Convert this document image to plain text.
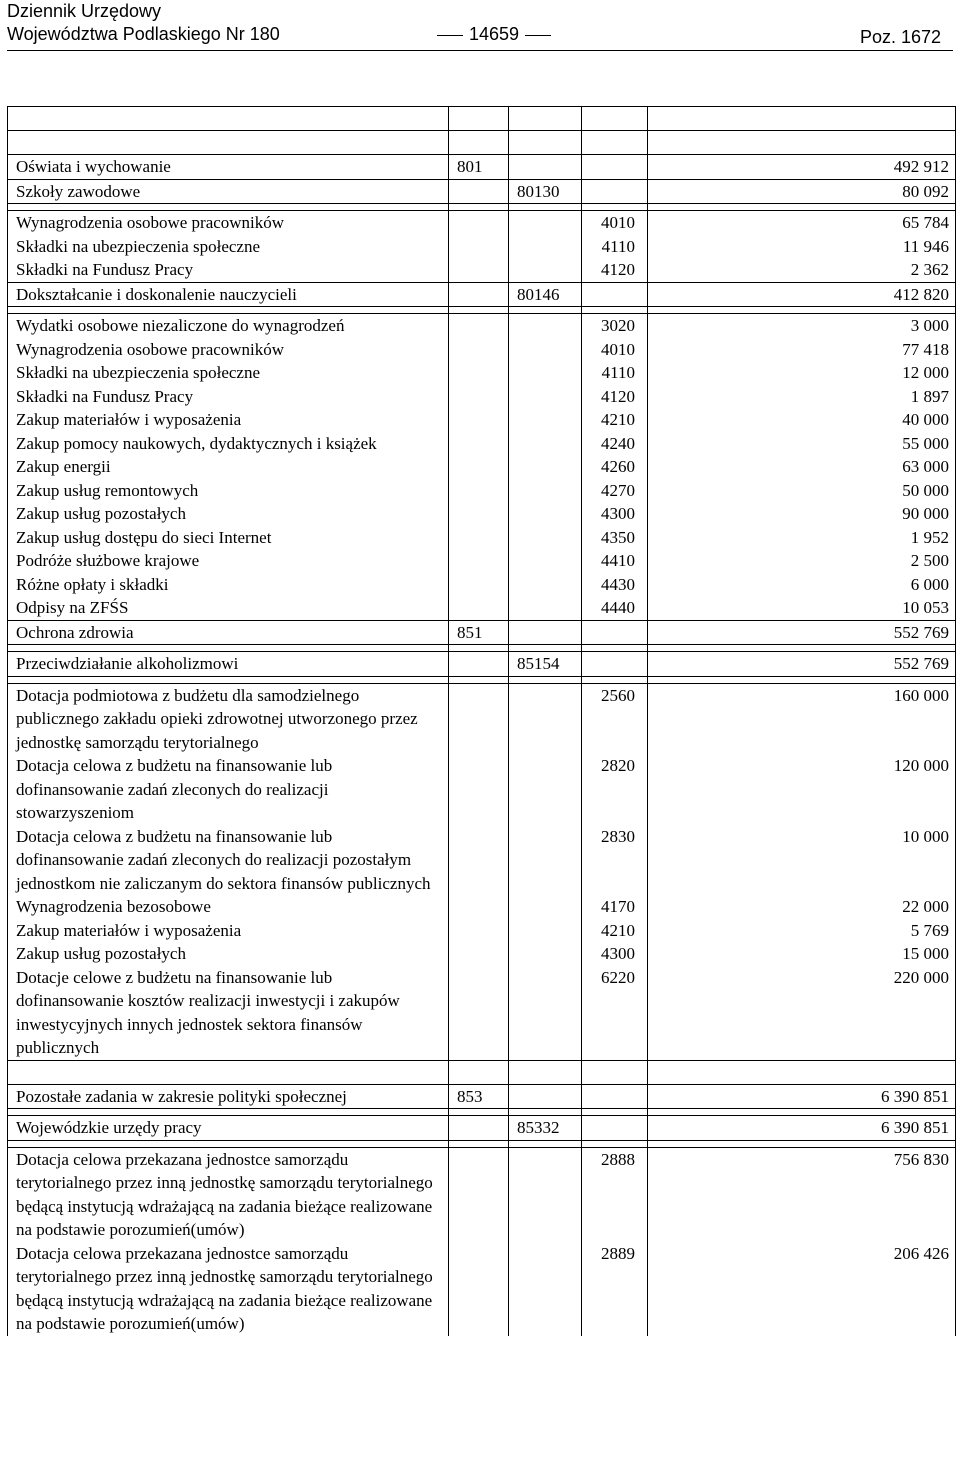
Dziennik Urzędowy
Województwa Podlaskiego Nr 180	14659	Poz. 1672

Oświata i wychowanie	801			492 912
Szkoły zawodowe		80130		80 092

Wynagrodzenia osobowe pracowników			4010	65 784
Składki na ubezpieczenia społeczne			4110	11 946
Składki na Fundusz Pracy			4120	2 362
Dokształcanie i doskonalenie nauczycieli		80146		412 820

Wydatki osobowe niezaliczone do wynagrodzeń			3020	3 000
Wynagrodzenia osobowe pracowników			4010	77 418
Składki na ubezpieczenia społeczne			4110	12 000
Składki na Fundusz Pracy			4120	1 897
Zakup materiałów i wyposażenia			4210	40 000
Zakup pomocy naukowych, dydaktycznych i książek			4240	55 000
Zakup energii			4260	63 000
Zakup usług remontowych			4270	50 000
Zakup usług pozostałych			4300	90 000
Zakup usług dostępu do sieci Internet			4350	1 952
Podróże służbowe krajowe			4410	2 500
Różne opłaty i składki			4430	6 000
Odpisy na ZFŚS			4440	10 053
Ochrona zdrowia	851			552 769

Przeciwdziałanie alkoholizmowi		85154		552 769

Dotacja podmiotowa z budżetu dla samodzielnego publicznego zakładu opieki zdrowotnej utworzonego przez jednostkę samorządu terytorialnego			2560	160 000
Dotacja celowa z budżetu na finansowanie lub dofinansowanie zadań zleconych do realizacji stowarzyszeniom			2820	120 000
Dotacja celowa z budżetu na finansowanie lub dofinansowanie zadań zleconych do realizacji pozostałym jednostkom nie zaliczanym do sektora finansów publicznych			2830	10 000
Wynagrodzenia bezosobowe			4170	22 000
Zakup materiałów i wyposażenia			4210	5 769
Zakup usług pozostałych			4300	15 000
Dotacje celowe z budżetu na finansowanie lub dofinansowanie kosztów realizacji inwestycji i zakupów inwestycyjnych innych jednostek sektora finansów publicznych			6220	220 000

Pozostałe zadania w zakresie polityki społecznej	853			6 390 851

Wojewódzkie urzędy pracy		85332		6 390 851

Dotacja celowa przekazana jednostce samorządu terytorialnego przez inną jednostkę samorządu terytorialnego będącą instytucją wdrażającą na zadania bieżące realizowane na podstawie porozumień(umów)			2888	756 830
Dotacja celowa przekazana jednostce samorządu terytorialnego przez inną jednostkę samorządu terytorialnego będącą instytucją wdrażającą na zadania bieżące realizowane na podstawie porozumień(umów)			2889	206 426
